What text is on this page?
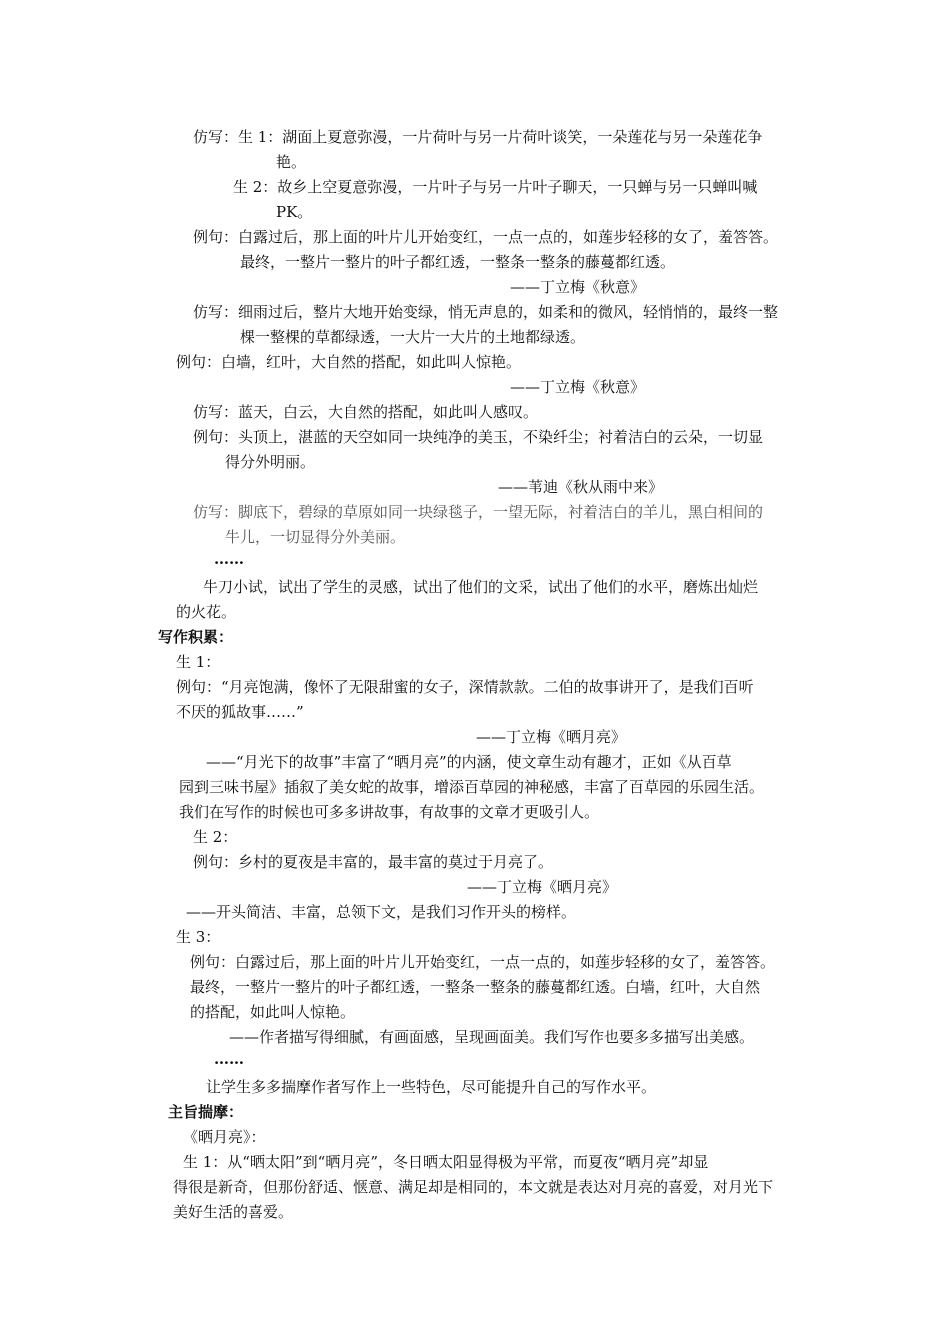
仿写：生 1：湖面上夏意弥漫，一片荷叶与另一片荷叶谈笑，一朵莲花与另一朵莲花争
艳。
生 2：故乡上空夏意弥漫，一片叶子与另一片叶子聊天，一只蝉与另一只蝉叫喊
PK。
例句：白露过后，那上面的叶片儿开始变红，一点一点的，如莲步轻移的女了，羞答答。
最终，一整片一整片的叶子都红透，一整条一整条的藤蔓都红透。
——丁立梅《秋意》
仿写：细雨过后，整片大地开始变绿，悄无声息的，如柔和的微风，轻悄悄的，最终一整
棵一整棵的草都绿透，一大片一大片的土地都绿透。
例句：白墙，红叶，大自然的搭配，如此叫人惊艳。
——丁立梅《秋意》
仿写：蓝天，白云，大自然的搭配，如此叫人感叹。
例句：头顶上，湛蓝的天空如同一块纯净的美玉，不染纤尘；衬着洁白的云朵，一切显
得分外明丽。
——苇迪《秋从雨中来》
仿写：脚底下，碧绿的草原如同一块绿毯子，一望无际，衬着洁白的羊儿，黑白相间的
牛儿，一切显得分外美丽。
……
牛刀小试，试出了学生的灵感，试出了他们的文采，试出了他们的水平，磨炼出灿烂
的火花。
写作积累：
生 1：
例句：“月亮饱满，像怀了无限甜蜜的女子，深情款款。二伯的故事讲开了，是我们百听
不厌的狐故事……”
——丁立梅《晒月亮》
——“月光下的故事”丰富了“晒月亮”的内涵，使文章生动有趣才，正如《从百草
园到三味书屋》插叙了美女蛇的故事，增添百草园的神秘感，丰富了百草园的乐园生活。
我们在写作的时候也可多多讲故事，有故事的文章才更吸引人。
生 2：
例句：乡村的夏夜是丰富的，最丰富的莫过于月亮了。
——丁立梅《晒月亮》
——开头简洁、丰富，总领下文，是我们习作开头的榜样。
生 3：
例句：白露过后，那上面的叶片儿开始变红，一点一点的，如莲步轻移的女了，羞答答。
最终，一整片一整片的叶子都红透，一整条一整条的藤蔓都红透。白墙，红叶，大自然
的搭配，如此叫人惊艳。
——作者描写得细腻，有画面感，呈现画面美。我们写作也要多多描写出美感。
……
让学生多多揣摩作者写作上一些特色，尽可能提升自己的写作水平。
主旨揣摩：
《晒月亮》：
生 1：从“晒太阳”到“晒月亮”，冬日晒太阳显得极为平常，而夏夜“晒月亮”却显
得很是新奇，但那份舒适、惬意、满足却是相同的，本文就是表达对月亮的喜爱，对月光下
美好生活的喜爱。
